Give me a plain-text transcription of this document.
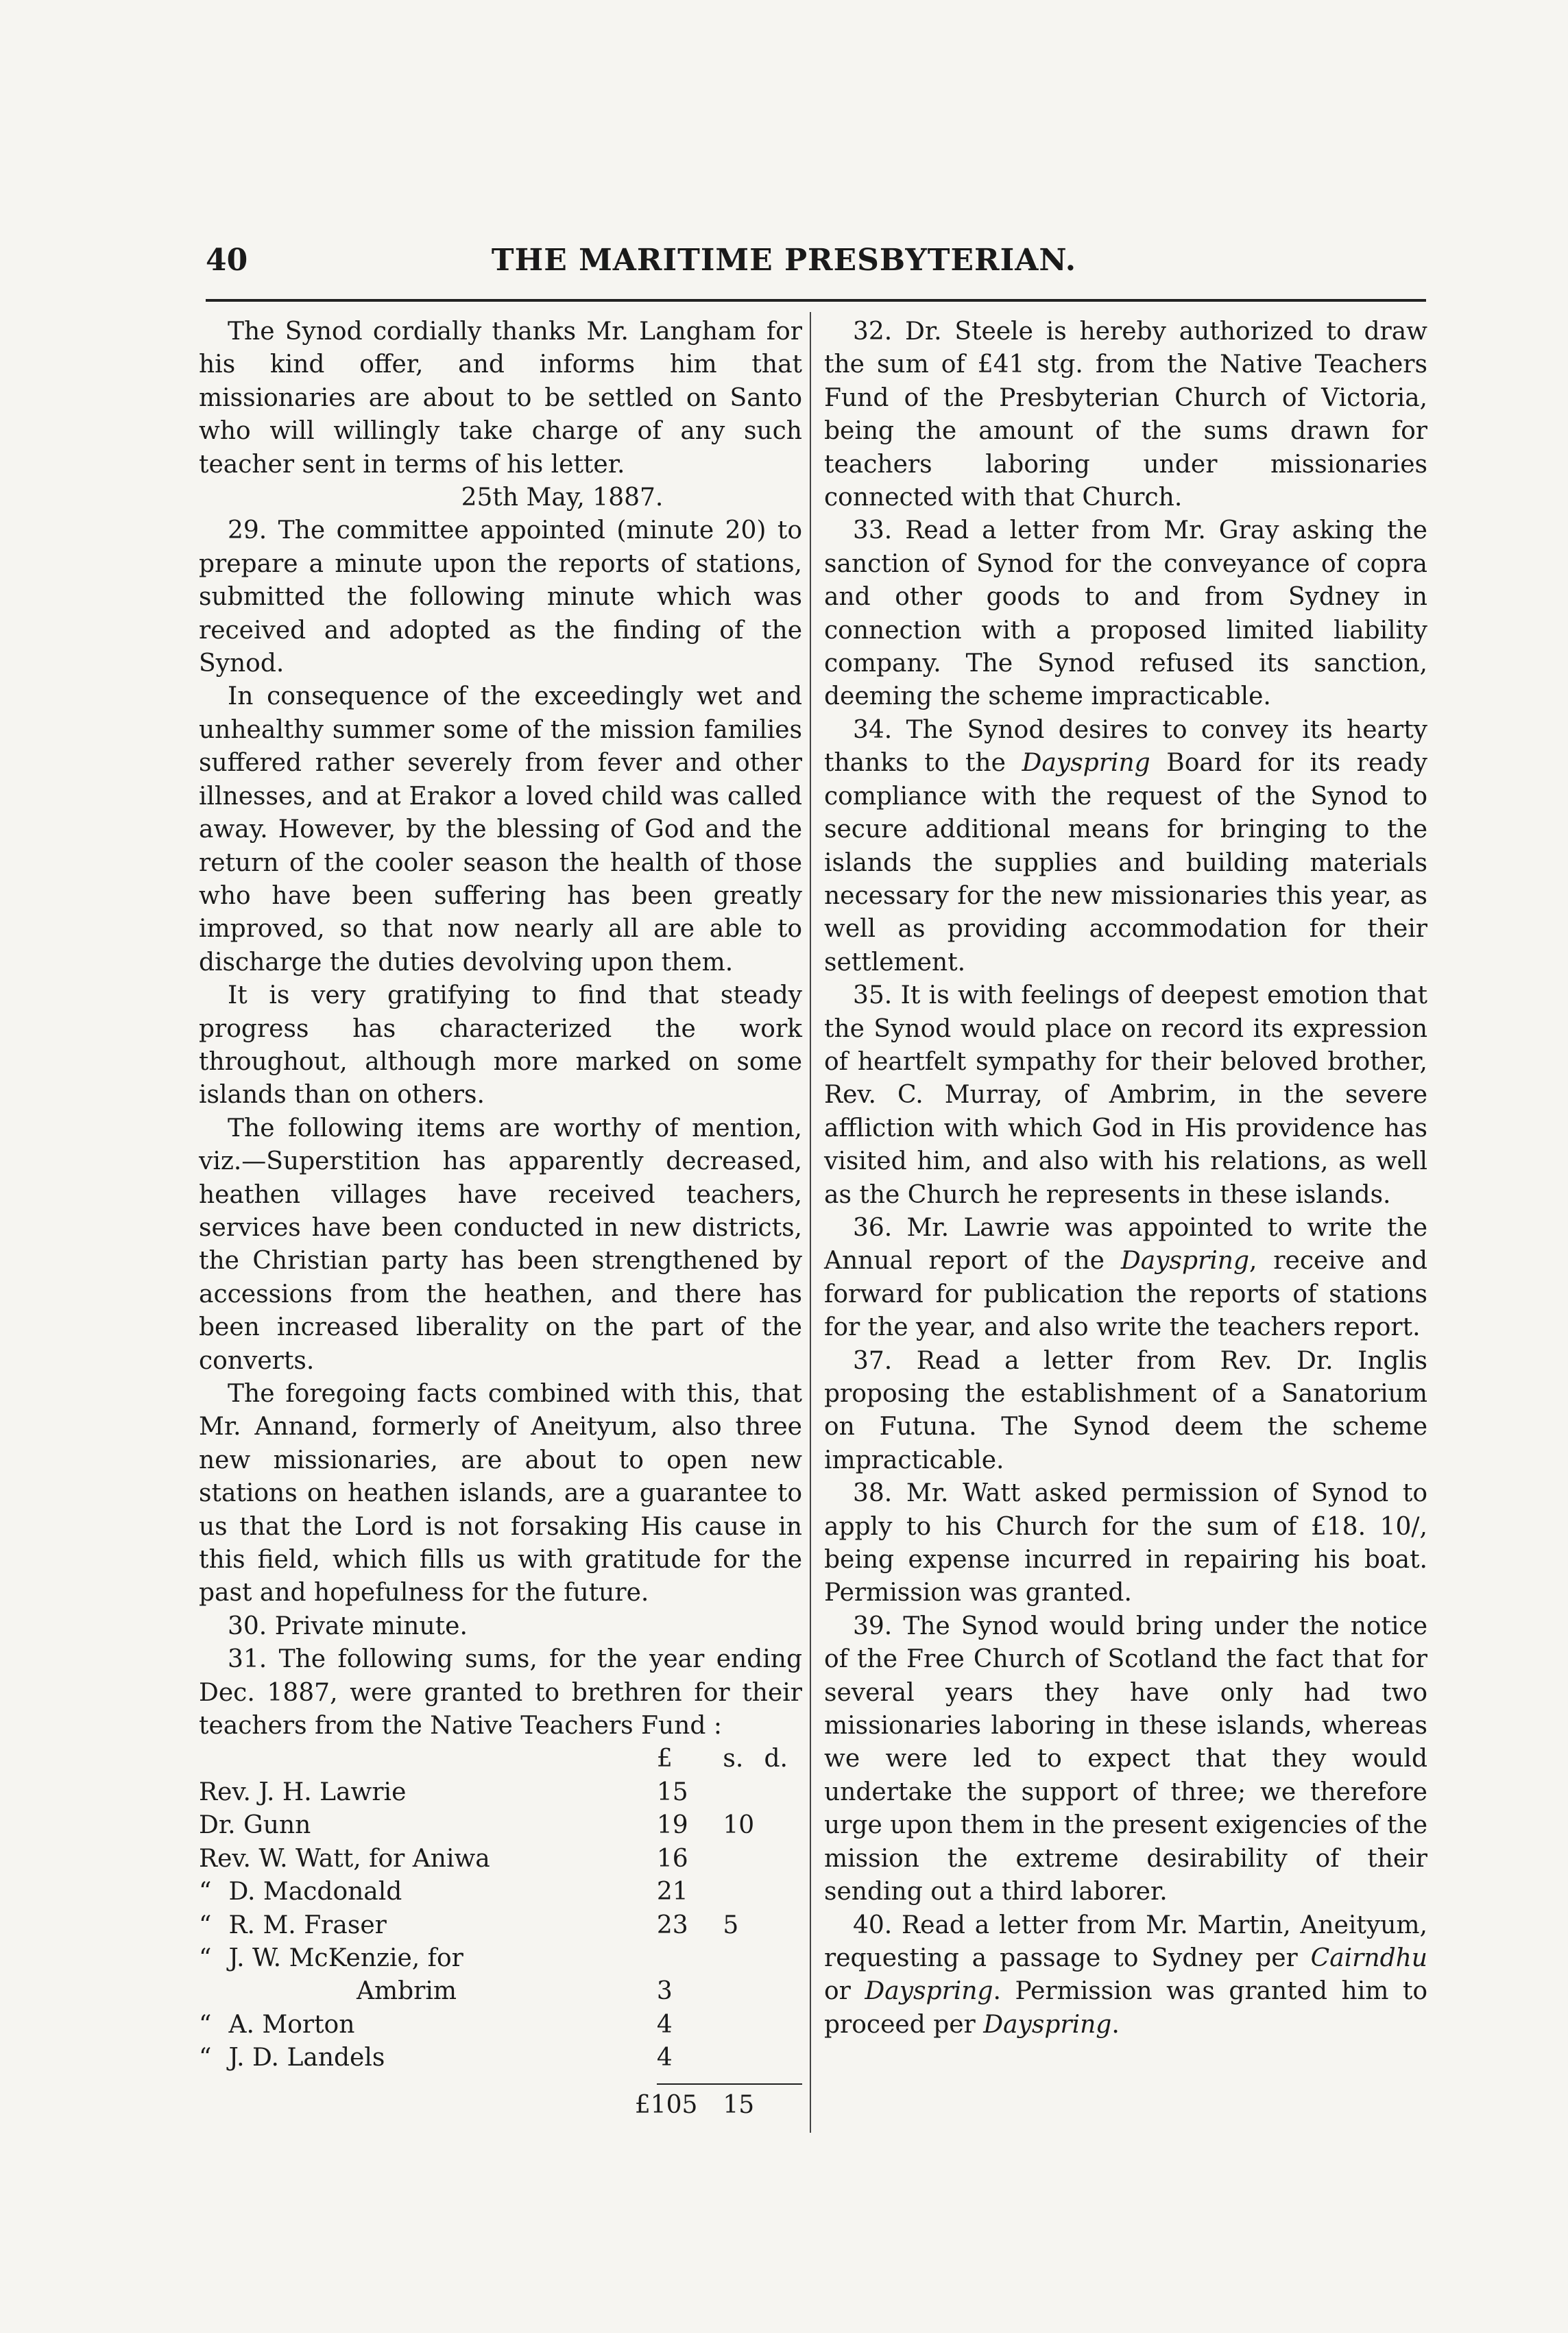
40	THE MARITIME PRESBYTERIAN.

The Synod cordially thanks Mr. Langham for his kind offer, and informs him that missionaries are about to be settled on Santo who will willingly take charge of any such teacher sent in terms of his letter.

25th May, 1887.

29. The committee appointed (minute 20) to prepare a minute upon the reports of stations, submitted the following minute which was received and adopted as the finding of the Synod.

In consequence of the exceedingly wet and unhealthy summer some of the mission families suffered rather severely from fever and other illnesses, and at Erakor a loved child was called away. However, by the blessing of God and the return of the cooler season the health of those who have been suffering has been greatly improved, so that now nearly all are able to discharge the duties devolving upon them.

It is very gratifying to find that steady progress has characterized the work throughout, although more marked on some islands than on others.

The following items are worthy of mention, viz.—Superstition has apparently decreased, heathen villages have received teachers, services have been conducted in new districts, the Christian party has been strengthened by accessions from the heathen, and there has been increased liberality on the part of the converts.

The foregoing facts combined with this, that Mr. Annand, formerly of Aneityum, also three new missionaries, are about to open new stations on heathen islands, are a guarantee to us that the Lord is not forsaking His cause in this field, which fills us with gratitude for the past and hopefulness for the future.

30. Private minute.

31. The following sums, for the year ending Dec. 1887, were granted to brethren for their teachers from the Native Teachers Fund :

	£	s.	d.
Rev. J. H. Lawrie	15		
Dr. Gunn	19	10	
Rev. W. Watt, for Aniwa	16		
“ D. Macdonald	21		
“ R. M. Fraser	23	5	
“ J. W. McKenzie, for			
Ambrim	3		
“ A. Morton	4		
“ J. D. Landels	4		

	£105	15	

32. Dr. Steele is hereby authorized to draw the sum of £41 stg. from the Native Teachers Fund of the Presbyterian Church of Victoria, being the amount of the sums drawn for teachers laboring under missionaries connected with that Church.

33. Read a letter from Mr. Gray asking the sanction of Synod for the conveyance of copra and other goods to and from Sydney in connection with a proposed limited liability company. The Synod refused its sanction, deeming the scheme impracticable.

34. The Synod desires to convey its hearty thanks to the Dayspring Board for its ready compliance with the request of the Synod to secure additional means for bringing to the islands the supplies and building materials necessary for the new missionaries this year, as well as providing accommodation for their settlement.

35. It is with feelings of deepest emotion that the Synod would place on record its expression of heartfelt sympathy for their beloved brother, Rev. C. Murray, of Ambrim, in the severe affliction with which God in His providence has visited him, and also with his relations, as well as the Church he represents in these islands.

36. Mr. Lawrie was appointed to write the Annual report of the Dayspring, receive and forward for publication the reports of stations for the year, and also write the teachers report.

37. Read a letter from Rev. Dr. Inglis proposing the establishment of a Sanatorium on Futuna. The Synod deem the scheme impracticable.

38. Mr. Watt asked permission of Synod to apply to his Church for the sum of £18. 10/, being expense incurred in repairing his boat. Permission was granted.

39. The Synod would bring under the notice of the Free Church of Scotland the fact that for several years they have only had two missionaries laboring in these islands, whereas we were led to expect that they would undertake the support of three; we therefore urge upon them in the present exigencies of the mission the extreme desirability of their sending out a third laborer.

40. Read a letter from Mr. Martin, Aneityum, requesting a passage to Sydney per Cairndhu or Dayspring. Permission was granted him to proceed per Dayspring.
